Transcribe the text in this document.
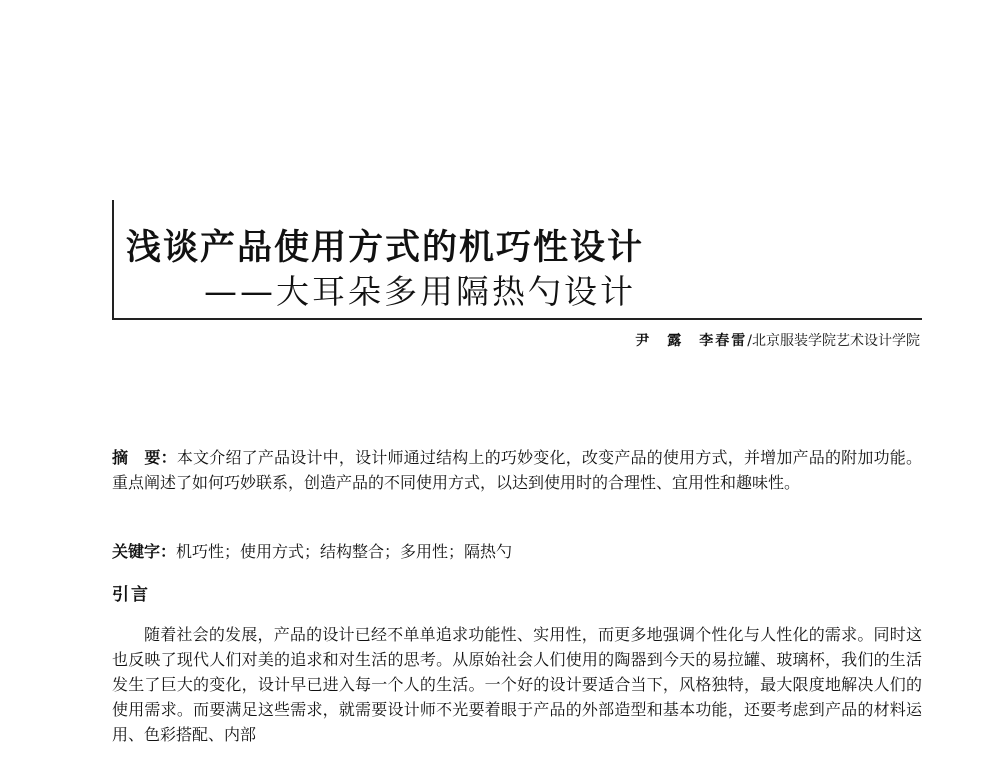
浅谈产品使用方式的机巧性设计
——大耳朵多用隔热勺设计
尹　露　李春雷/北京服装学院艺术设计学院
摘　要：本文介绍了产品设计中，设计师通过结构上的巧妙变化，改变产品的使用方式，并增加产品的附加功能。重点阐述了如何巧妙联系，创造产品的不同使用方式，以达到使用时的合理性、宜用性和趣味性。
关键字：机巧性；使用方式；结构整合；多用性；隔热勺
引言
随着社会的发展，产品的设计已经不单单追求功能性、实用性，而更多地强调个性化与人性化的需求。同时这也反映了现代人们对美的追求和对生活的思考。从原始社会人们使用的陶器到今天的易拉罐、玻璃杯，我们的生活发生了巨大的变化，设计早已进入每一个人的生活。一个好的设计要适合当下，风格独特，最大限度地解决人们的使用需求。而要满足这些需求，就需要设计师不光要着眼于产品的外部造型和基本功能，还要考虑到产品的材料运用、色彩搭配、内部
